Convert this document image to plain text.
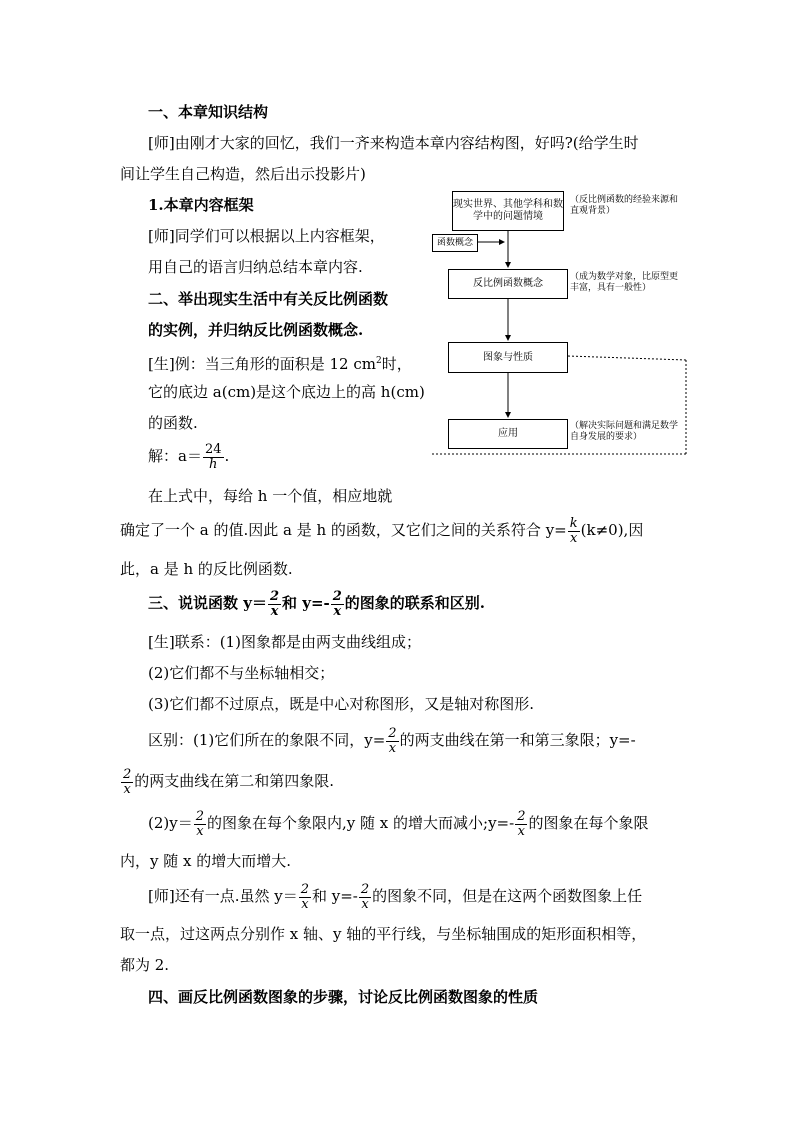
一、本章知识结构
[师]由刚才大家的回忆，我们一齐来构造本章内容结构图，好吗?(给学生时
间让学生自己构造，然后出示投影片)
1.本章内容框架
[师]同学们可以根据以上内容框架，
用自己的语言归纳总结本章内容.
二、举出现实生活中有关反比例函数
的实例，并归纳反比例函数概念.
[生]例：当三角形的面积是 12 $cm^2$时，
它的底边 a(cm)是这个底边上的高 h(cm)
的函数.
解：$a= \frac{24}{h}$ .
在上式中，每给 h 一个值，相应地就
确定了一个 a 的值.因此 a 是 h 的函数，又它们之间的关系符合 $y= \frac{k}{x} (k\ne 0)$,因
此，a 是 h 的反比例函数.
三、说说函数 $y= \frac{2}{x}$ 和 $y=- \frac{2}{x}$ 的图象的联系和区别.
[生]联系：(1)图象都是由两支曲线组成；
(2)它们都不与坐标轴相交；
(3)它们都不过原点，既是中心对称图形，又是轴对称图形.
区别：(1)它们所在的象限不同，$y= \frac{2}{x}$ 的两支曲线在第一和第三象限；y=-
$\frac{2}{x}$ 的两支曲线在第二和第四象限.
$(2)y= \frac{2}{x}$ 的图象在每个象限内,y 随 x 的增大而减小;y=- $\frac{2}{x}$ 的图象在每个象限
内，y 随 x 的增大而增大.
[师]还有一点.虽然 $y= \frac{2}{x}$ 和 $y=- \frac{2}{x}$ 的图象不同，但是在这两个函数图象上任
取一点，过这两点分别作 x 轴、y 轴的平行线，与坐标轴围成的矩形面积相等，
都为 2.
四、画反比例函数图象的步骤，讨论反比例函数图象的性质
现实世界、其他学科和数学中的问题情境
（反比例函数的经验来源和直观背景）
函数概念
反比例函数概念
（成为数学对象，比原型更丰富，具有一般性）
图象与性质
应用
（解决实际问题和满足数学自身发展的要求）
